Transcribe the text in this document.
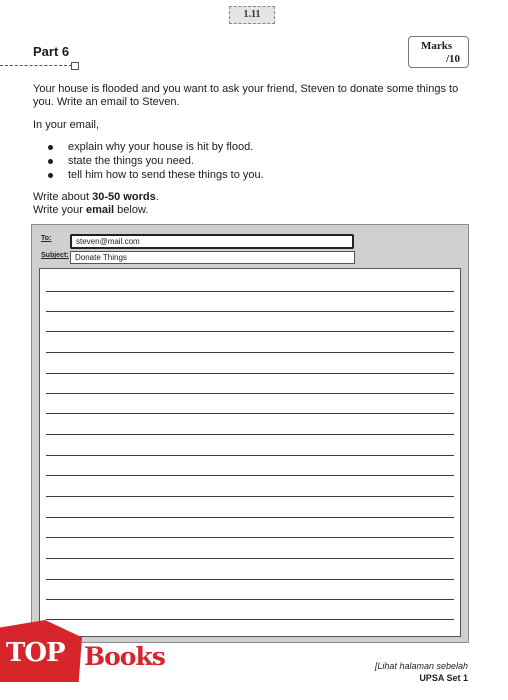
1.11
Part 6	Marks
/10
Your house is flooded and you want to ask your friend, Steven to donate some things to you. Write an email to Steven.
In your email,
explain why your house is hit by flood.
state the things you need.
tell him how to send these things to you.
Write about 30-50 words.
Write your email below.
To:	steven@mail.com
Subject: Donate Things
TOP Books	[Lihat halaman sebelah
UPSA Set 1
